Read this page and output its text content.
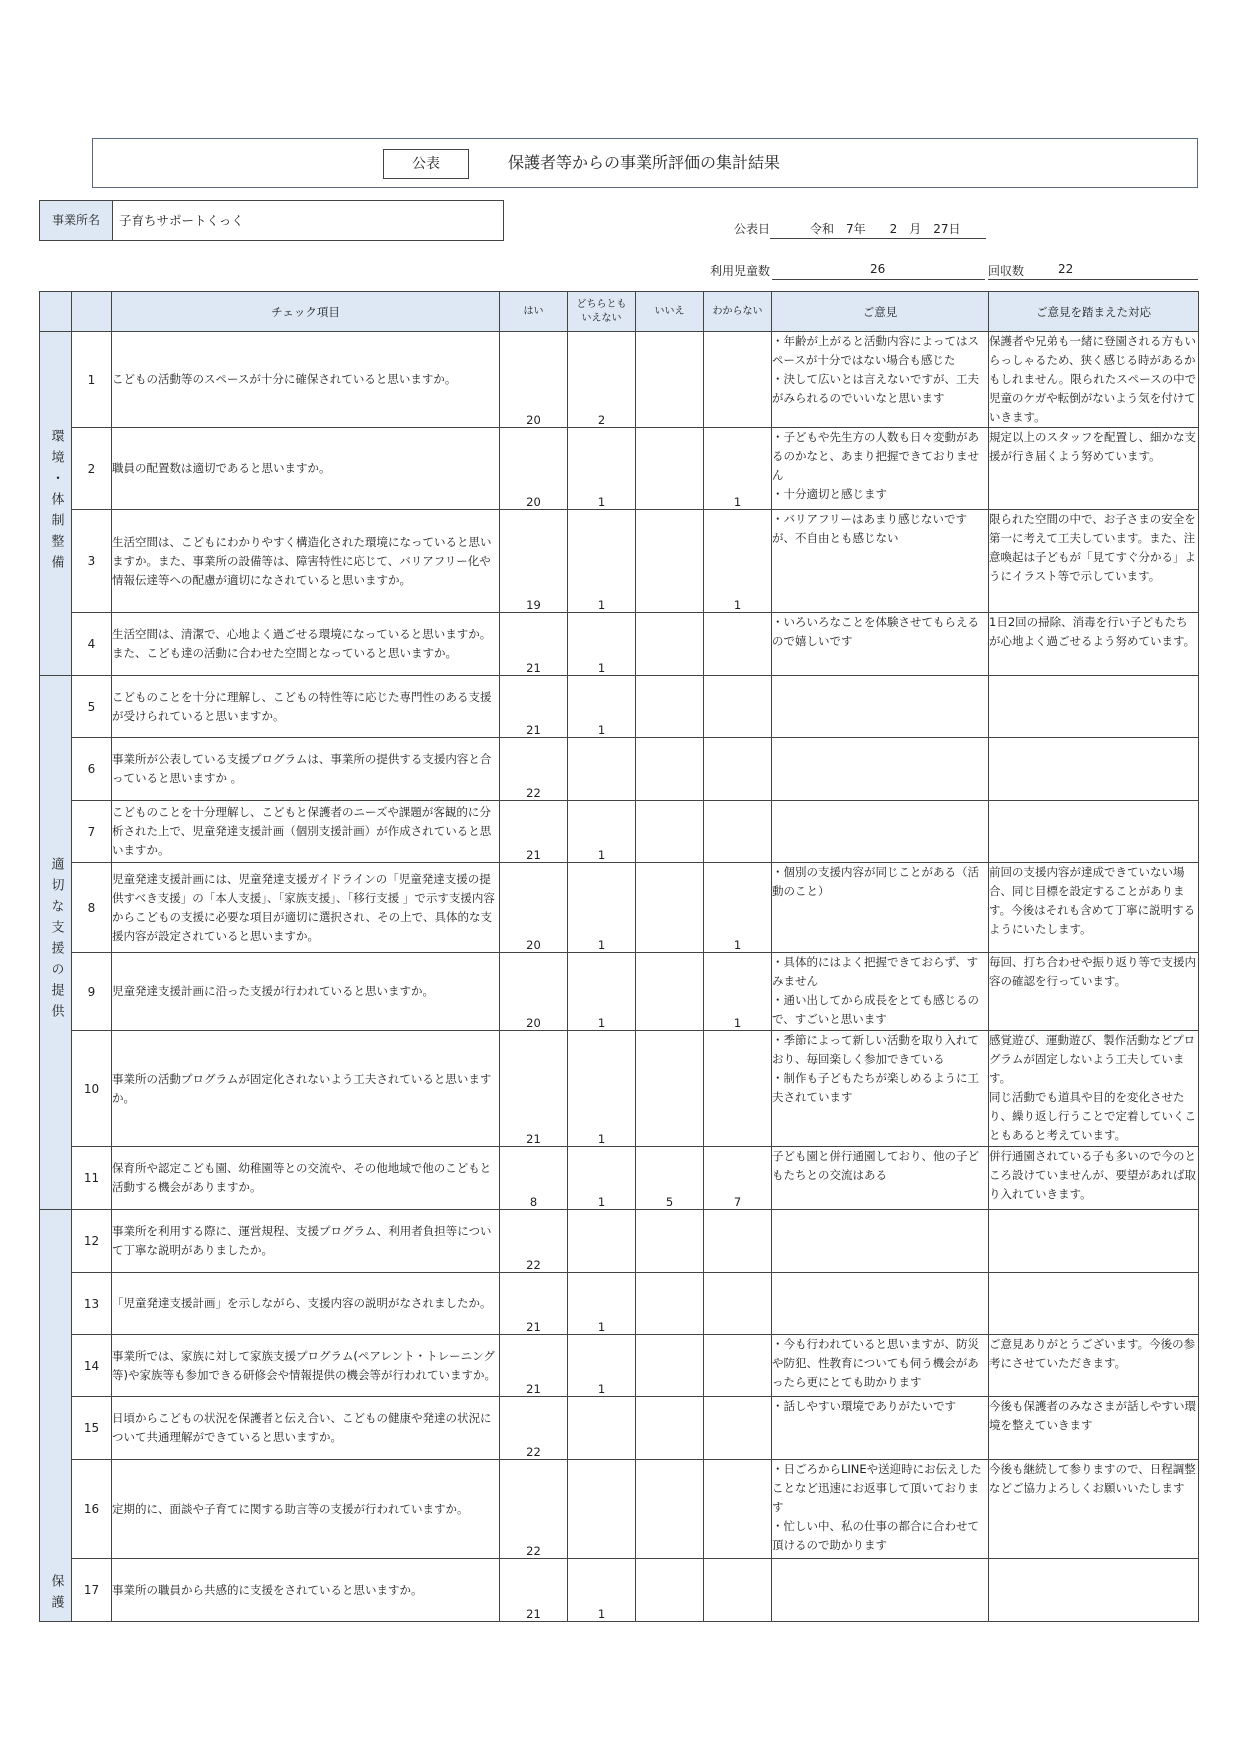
公表	保護者等からの事業所評価の集計結果
事業所名	子育ちサポートくっく
公表日	令和　7年　　2　月　27日
利用児童数	26	回収数	22
		チェック項目	はい	どちらとも
いえない	いいえ	わからない	ご意見	ご意見を踏まえた対応
環境・体制整備	1	こどもの活動等のスペースが十分に確保されていると思いますか。	20	2			・年齢が上がると活動内容によってはスペースが十分ではない場合も感じた
・決して広いとは言えないですが、工夫がみられるのでいいなと思います	保護者や兄弟も一緒に登園される方もいらっしゃるため、狭く感じる時があるかもしれません。限られたスペースの中で児童のケガや転倒がないよう気を付けていきます。
	2	職員の配置数は適切であると思いますか。	20	1		1	・子どもや先生方の人数も日々変動があるのかなと、あまり把握できておりません
・十分適切と感じます	規定以上のスタッフを配置し、細かな支援が行き届くよう努めています。
	3	生活空間は、こどもにわかりやすく構造化された環境になっていると思いますか。また、事業所の設備等は、障害特性に応じて、バリアフリー化や情報伝達等への配慮が適切になされていると思いますか。	19	1		1	・バリアフリーはあまり感じないですが、不自由とも感じない	限られた空間の中で、お子さまの安全を第一に考えて工夫しています。また、注意喚起は子どもが「見てすぐ分かる」ようにイラスト等で示しています。
	4	生活空間は、清潔で、心地よく過ごせる環境になっていると思いますか。また、こども達の活動に合わせた空間となっていると思いますか。	21	1			・いろいろなことを体験させてもらえるので嬉しいです	1日2回の掃除、消毒を行い子どもたちが心地よく過ごせるよう努めています。
適切な支援の提供	5	こどものことを十分に理解し、こどもの特性等に応じた専門性のある支援が受けられていると思いますか。	21	1				
	6	事業所が公表している支援プログラムは、事業所の提供する支援内容と合っていると思いますか 。	22					
	7	こどものことを十分理解し、こどもと保護者のニーズや課題が客観的に分析された上で、児童発達支援計画（個別支援計画）が作成されていると思いますか。	21	1				
	8	児童発達支援計画には、児童発達支援ガイドラインの「児童発達支援の提供すべき支援」の「本人支援」、「家族支援」、「移行支援 」で示す支援内容からこどもの支援に必要な項目が適切に選択され、その上で、具体的な支援内容が設定されていると思いますか。	20	1		1	・個別の支援内容が同じことがある（活動のこと）	前回の支援内容が達成できていない場合、同じ目標を設定することがあります。今後はそれも含めて丁寧に説明するようにいたします。
	9	児童発達支援計画に沿った支援が行われていると思いますか。	20	1		1	・具体的にはよく把握できておらず、すみません
・通い出してから成長をとても感じるので、すごいと思います	毎回、打ち合わせや振り返り等で支援内容の確認を行っています。
	10	事業所の活動プログラムが固定化されないよう工夫されていると思いますか。	21	1			・季節によって新しい活動を取り入れており、毎回楽しく参加できている
・制作も子どもたちが楽しめるように工夫されています	感覚遊び、運動遊び、製作活動などプログラムが固定しないよう工夫しています。
同じ活動でも道具や目的を変化させたり、繰り返し行うことで定着していくこともあると考えています。
	11	保育所や認定こども園、幼稚園等との交流や、その他地域で他のこどもと活動する機会がありますか。	8	1	5	7	子ども園と併行通園しており、他の子どもたちとの交流はある	併行通園されている子も多いので今のところ設けていませんが、要望があれば取り入れていきます。
保護	12	事業所を利用する際に、運営規程、支援プログラム、利用者負担等について丁寧な説明がありましたか。	22					
	13	「児童発達支援計画」を示しながら、支援内容の説明がなされましたか。	21	1				
	14	事業所では、家族に対して家族支援プログラム(ペアレント・トレーニング等)や家族等も参加できる研修会や情報提供の機会等が行われていますか。	21	1			・今も行われていると思いますが、防災や防犯、性教育についても伺う機会があったら更にとても助かります	ご意見ありがとうございます。今後の参考にさせていただきます。
	15	日頃からこどもの状況を保護者と伝え合い、こどもの健康や発達の状況について共通理解ができていると思いますか。	22				・話しやすい環境でありがたいです	今後も保護者のみなさまが話しやすい環境を整えていきます
	16	定期的に、面談や子育てに関する助言等の支援が行われていますか。	22				・日ごろからLINEや送迎時にお伝えしたことなど迅速にお返事して頂いております
・忙しい中、私の仕事の都合に合わせて頂けるので助かります	今後も継続して参りますので、日程調整などご協力よろしくお願いいたします
	17	事業所の職員から共感的に支援をされていると思いますか。	21	1				
